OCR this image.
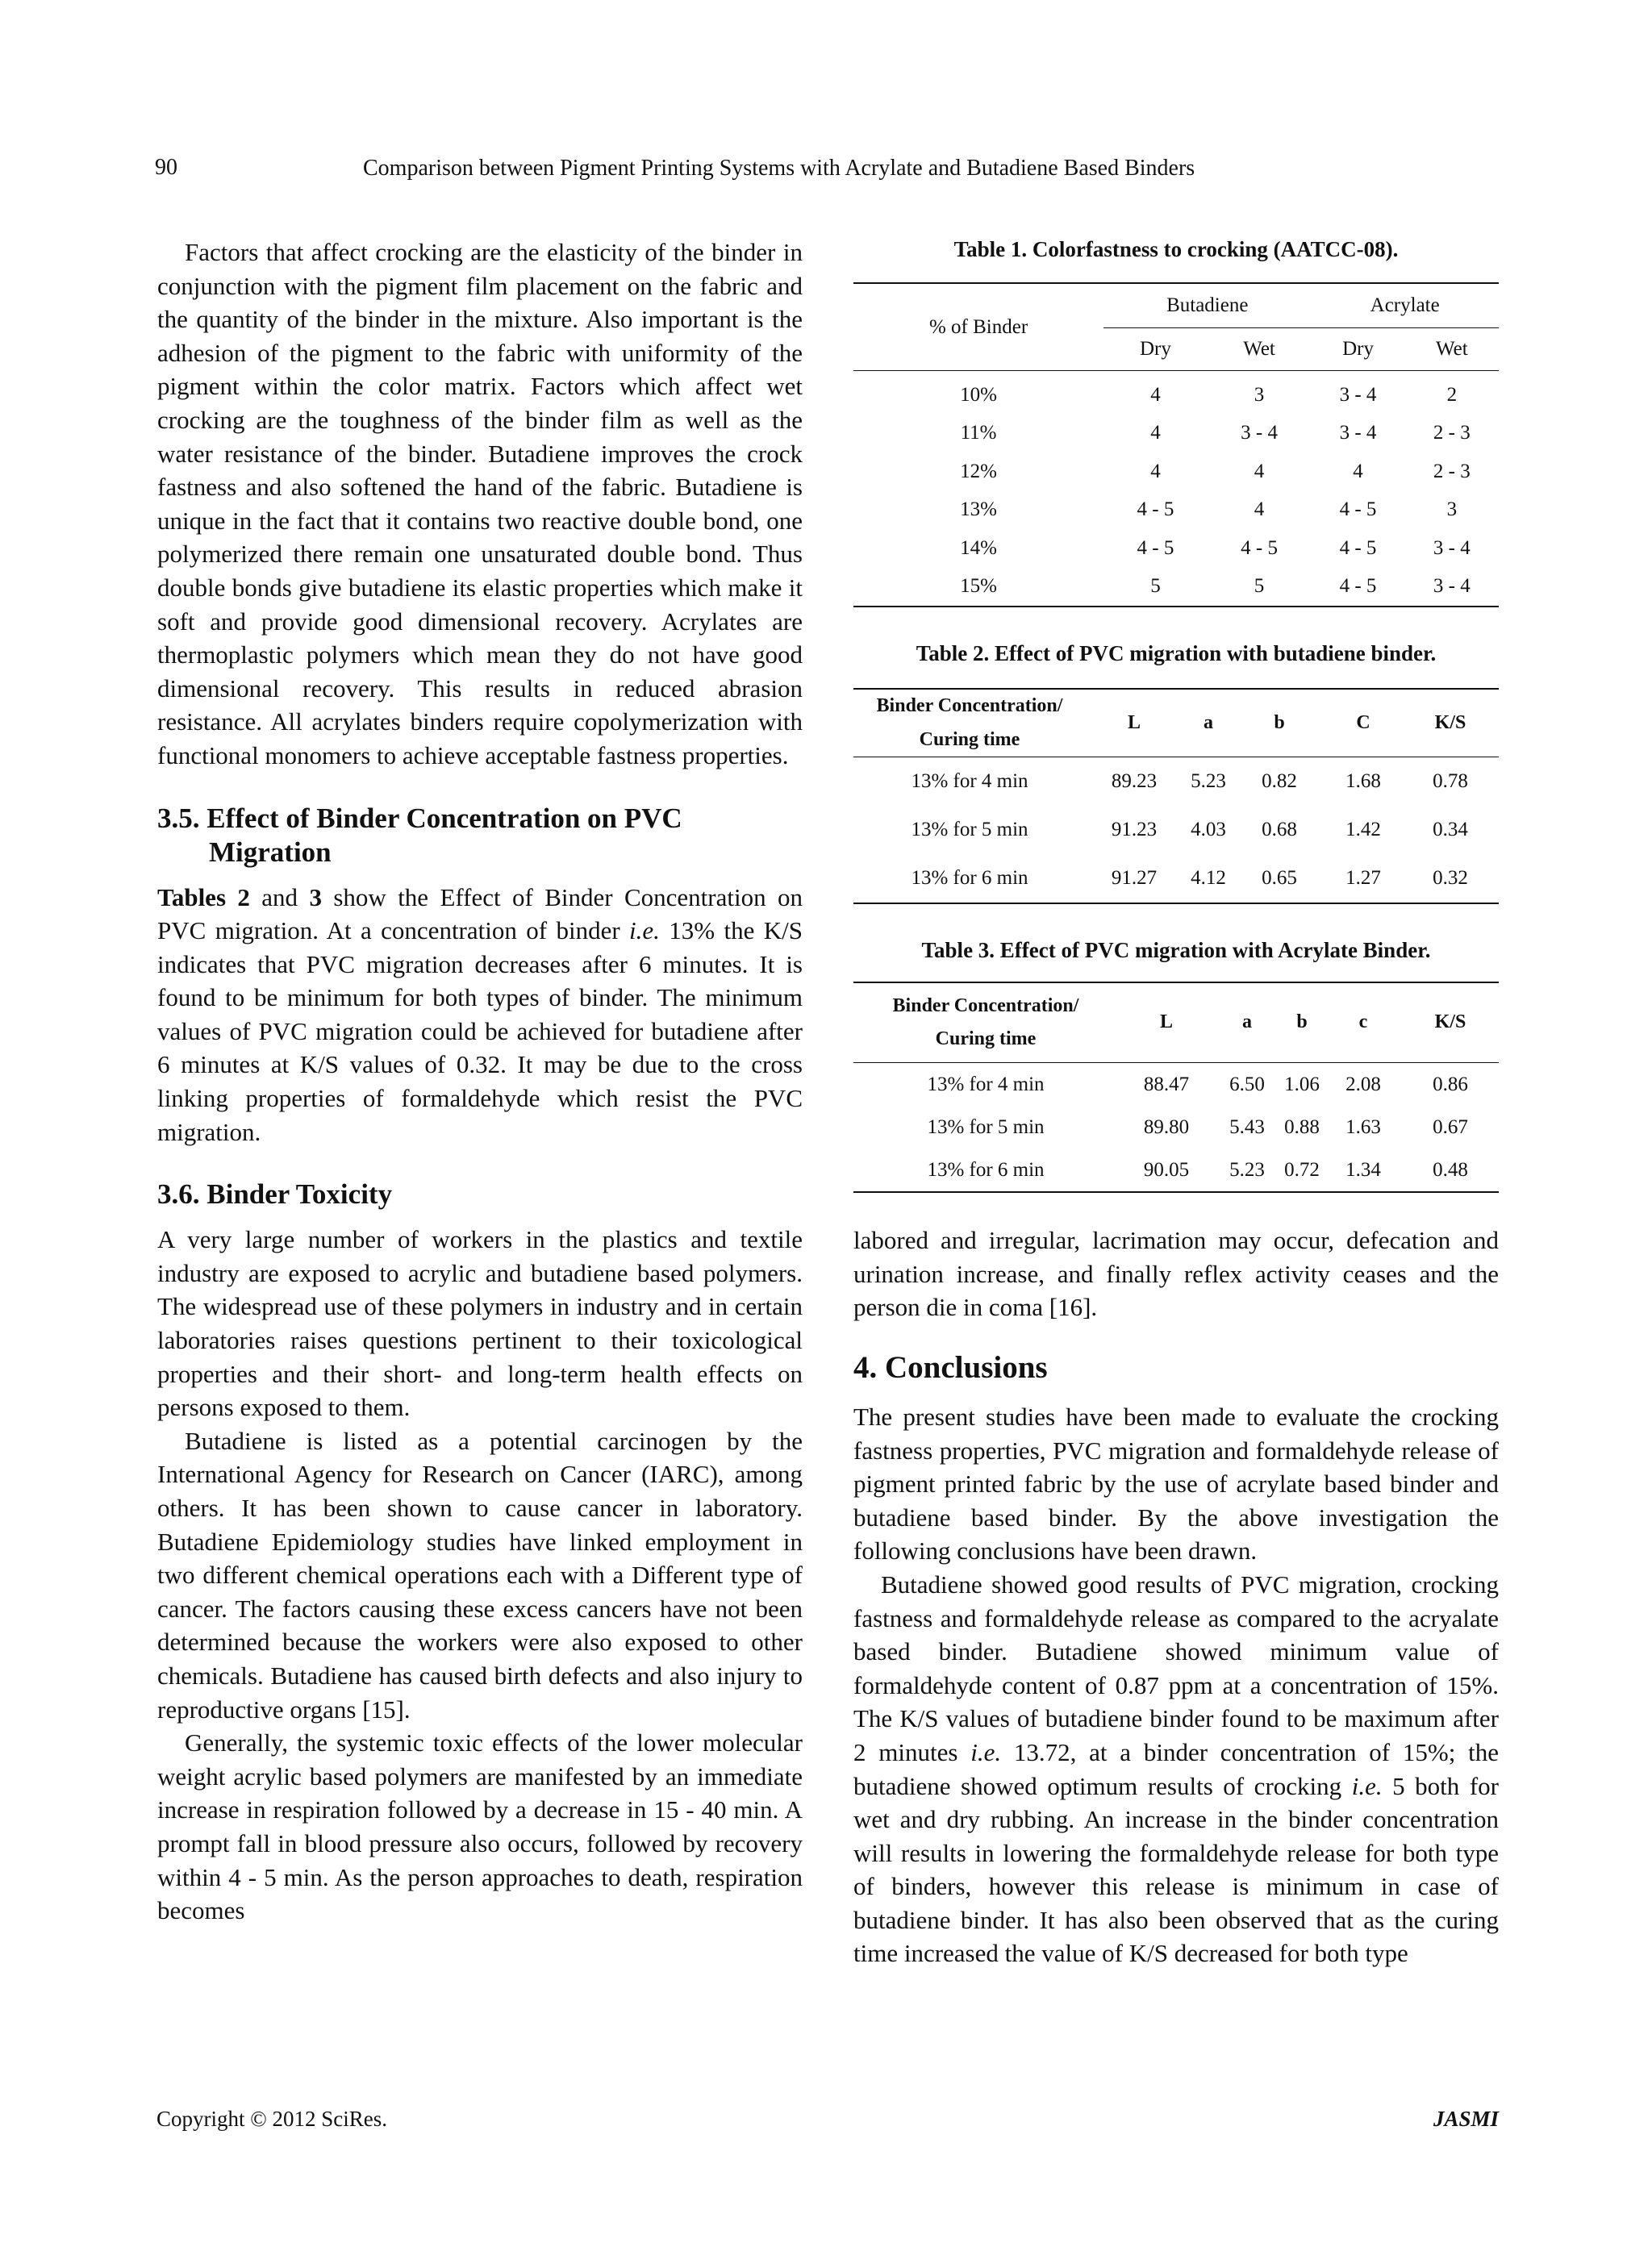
90	Comparison between Pigment Printing Systems with Acrylate and Butadiene Based Binders

Factors that affect crocking are the elasticity of the binder in conjunction with the pigment film placement on the fabric and the quantity of the binder in the mixture. Also important is the adhesion of the pigment to the fabric with uniformity of the pigment within the color matrix. Factors which affect wet crocking are the toughness of the binder film as well as the water resistance of the binder. Butadiene improves the crock fastness and also softened the hand of the fabric. Butadiene is unique in the fact that it contains two reactive double bond, one polymerized there remain one unsaturated double bond. Thus double bonds give butadiene its elastic properties which make it soft and provide good dimensional recovery. Acrylates are thermoplastic polymers which mean they do not have good dimensional recovery. This results in reduced abrasion resistance. All acrylates binders require copolymerization with functional monomers to achieve acceptable fastness properties.

3.5. Effect of Binder Concentration on PVC Migration

Tables 2 and 3 show the Effect of Binder Concentration on PVC migration. At a concentration of binder i.e. 13% the K/S indicates that PVC migration decreases after 6 minutes. It is found to be minimum for both types of binder. The minimum values of PVC migration could be achieved for butadiene after 6 minutes at K/S values of 0.32. It may be due to the cross linking properties of formaldehyde which resist the PVC migration.

3.6. Binder Toxicity

A very large number of workers in the plastics and textile industry are exposed to acrylic and butadiene based polymers. The widespread use of these polymers in industry and in certain laboratories raises questions pertinent to their toxicological properties and their short- and long-term health effects on persons exposed to them.

Butadiene is listed as a potential carcinogen by the International Agency for Research on Cancer (IARC), among others. It has been shown to cause cancer in laboratory. Butadiene Epidemiology studies have linked employment in two different chemical operations each with a Different type of cancer. The factors causing these excess cancers have not been determined because the workers were also exposed to other chemicals. Butadiene has caused birth defects and also injury to reproductive organs [15].

Generally, the systemic toxic effects of the lower molecular weight acrylic based polymers are manifested by an immediate increase in respiration followed by a decrease in 15 - 40 min. A prompt fall in blood pressure also occurs, followed by recovery within 4 - 5 min. As the person approaches to death, respiration becomes

Table 1. Colorfastness to crocking (AATCC-08).
% of Binder	Butadiene		Acrylate	
	Dry	Wet	Dry	Wet
10%	4	3	3 - 4	2
11%	4	3 - 4	3 - 4	2 - 3
12%	4	4	4	2 - 3
13%	4 - 5	4	4 - 5	3
14%	4 - 5	4 - 5	4 - 5	3 - 4
15%	5	5	4 - 5	3 - 4
Table 2. Effect of PVC migration with butadiene binder.
Binder Concentration/
Curing time	L	a	b	C	K/S
13% for 4 min	89.23	5.23	0.82	1.68	0.78
13% for 5 min	91.23	4.03	0.68	1.42	0.34
13% for 6 min	91.27	4.12	0.65	1.27	0.32
Table 3. Effect of PVC migration with Acrylate Binder.
Binder Concentration/
Curing time	L	a	b	c	K/S
13% for 4 min	88.47	6.50	1.06	2.08	0.86
13% for 5 min	89.80	5.43	0.88	1.63	0.67
13% for 6 min	90.05	5.23	0.72	1.34	0.48

labored and irregular, lacrimation may occur, defecation and urination increase, and finally reflex activity ceases and the person die in coma [16].

4. Conclusions

The present studies have been made to evaluate the crocking fastness properties, PVC migration and formaldehyde release of pigment printed fabric by the use of acrylate based binder and butadiene based binder. By the above investigation the following conclusions have been drawn.

Butadiene showed good results of PVC migration, crocking fastness and formaldehyde release as compared to the acryalate based binder. Butadiene showed minimum value of formaldehyde content of 0.87 ppm at a concentration of 15%. The K/S values of butadiene binder found to be maximum after 2 minutes i.e. 13.72, at a binder concentration of 15%; the butadiene showed optimum results of crocking i.e. 5 both for wet and dry rubbing. An increase in the binder concentration will results in lowering the formaldehyde release for both type of binders, however this release is minimum in case of butadiene binder. It has also been observed that as the curing time increased the value of K/S decreased for both type

Copyright © 2012 SciRes.	JASMI
